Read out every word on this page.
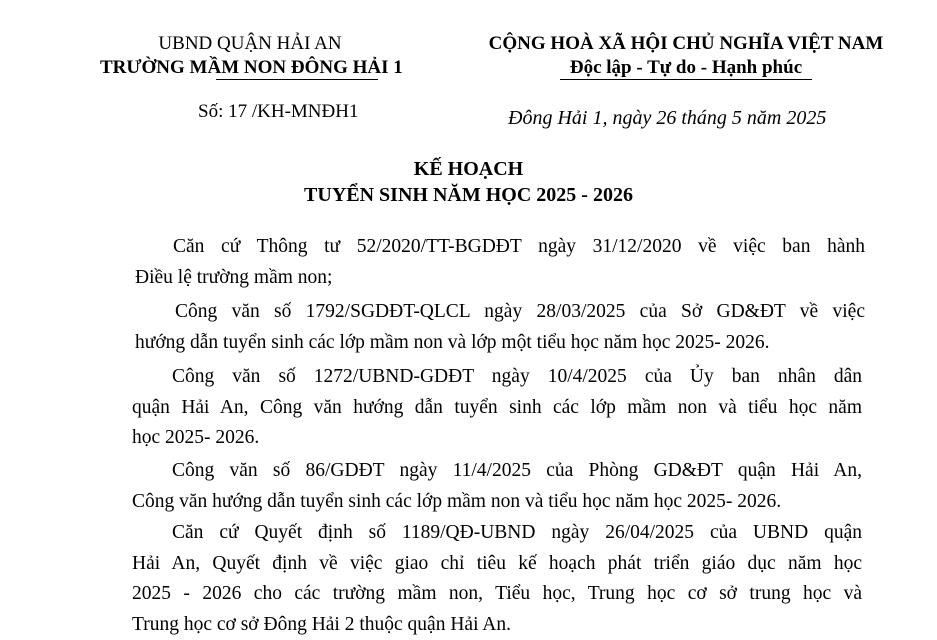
UBND QUẬN HẢI AN
TRƯỜNG MẦM NON ĐÔNG HẢI 1
CỘNG HOÀ XÃ HỘI CHỦ NGHĨA VIỆT NAM
Độc lập - Tự do - Hạnh phúc
Số: 17 /KH-MNĐH1	Đông Hải 1, ngày 26 tháng 5 năm 2025
KẾ HOẠCH
TUYỂN SINH NĂM HỌC 2025 - 2026
Căn cứ Thông tư 52/2020/TT-BGDĐT ngày 31/12/2020 về việc ban hành
Điều lệ trường mầm non;
Công văn số 1792/SGDĐT-QLCL ngày 28/03/2025 của Sở GD&ĐT về việc
hướng dẫn tuyển sinh các lớp mầm non và lớp một tiểu học năm học 2025- 2026.
Công văn số 1272/UBND-GDĐT ngày 10/4/2025 của Ủy ban nhân dân
quận Hải An, Công văn hướng dẫn tuyển sinh các lớp mầm non và tiểu học năm
học 2025- 2026.
Công văn số 86/GDĐT ngày 11/4/2025 của Phòng GD&ĐT quận Hải An,
Công văn hướng dẫn tuyển sinh các lớp mầm non và tiểu học năm học 2025- 2026.
Căn cứ Quyết định số 1189/QĐ-UBND ngày 26/04/2025 của UBND quận
Hải An, Quyết định về việc giao chỉ tiêu kế hoạch phát triển giáo dục năm học
2025 - 2026 cho các trường mầm non, Tiểu học, Trung học cơ sở trung học và
Trung học cơ sở Đông Hải 2 thuộc quận Hải An.
